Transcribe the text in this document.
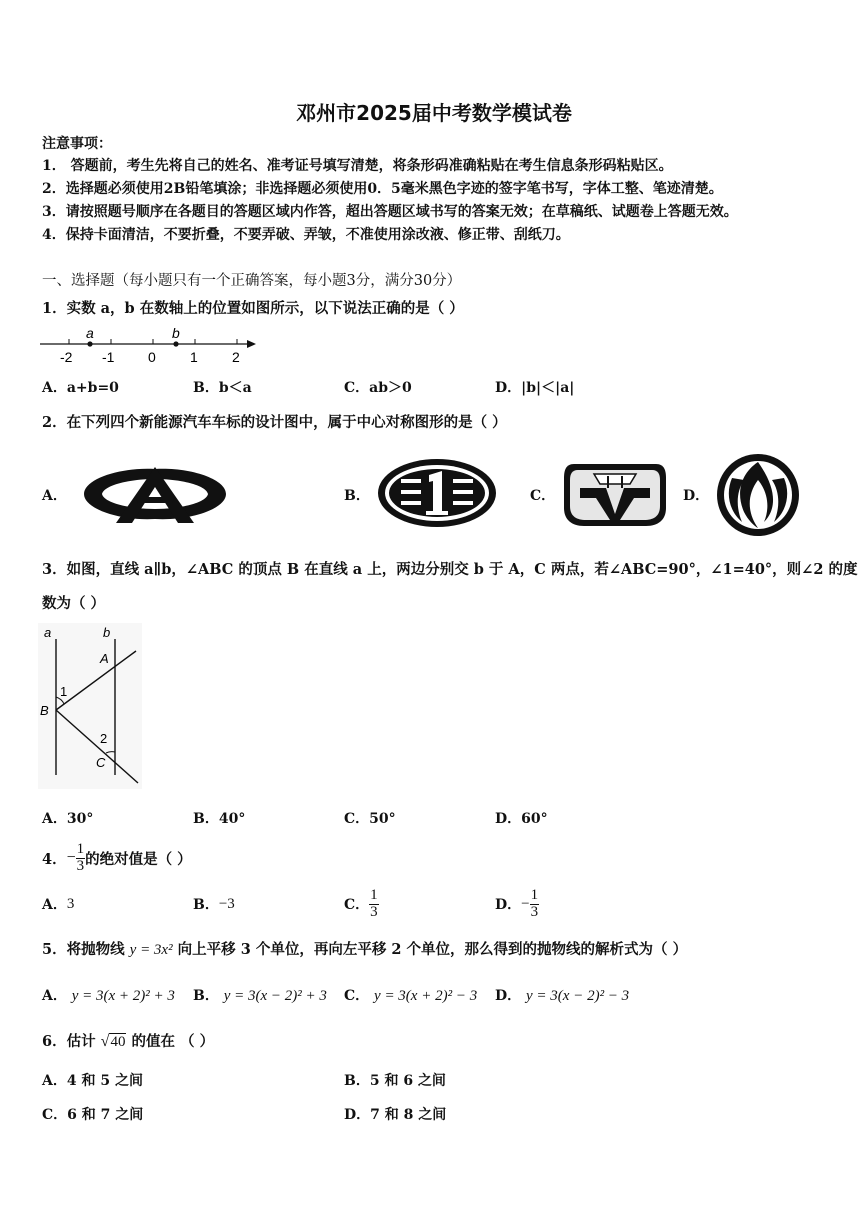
邓州市2025届中考数学模试卷
注意事项：
1． 答题前，考生先将自己的姓名、准考证号填写清楚，将条形码准确粘贴在考生信息条形码粘贴区。
2．选择题必须使用2B铅笔填涂；非选择题必须使用0．5毫米黑色字迹的签字笔书写，字体工整、笔迹清楚。
3．请按照题号顺序在各题目的答题区域内作答，超出答题区域书写的答案无效；在草稿纸、试题卷上答题无效。
4．保持卡面清洁，不要折叠，不要弄破、弄皱，不准使用涂改液、修正带、刮纸刀。
一、选择题（每小题只有一个正确答案，每小题3分，满分30分）
1．实数 a，b 在数轴上的位置如图所示，以下说法正确的是（ ）
a	b
-2 -1 0 1 2
A．a+b=0	B．b＜a	C．ab＞0	D．|b|＜|a|
2．在下列四个新能源汽车车标的设计图中，属于中心对称图形的是（ ）
A．	B．	C．	D．
3．如图，直线 a∥b，∠ABC 的顶点 B 在直线 a 上，两边分别交 b 于 A，C 两点，若∠ABC=90°，∠1=40°，则∠2 的度
数为（ ）
a	b
A
B
C
1
2
A．30°	B．40°	C．50°	D．60°
4． − $\frac{1}{3}$ 的绝对值是（ ）
A． 3	B． −3	C． $\frac{1}{3}$	D． − $\frac{1}{3}$
5．将抛物线 y = 3x² 向上平移 3 个单位，再向左平移 2 个单位，那么得到的抛物线的解析式为（ ）
A． y = 3(x + 2)² + 3 B． y = 3(x − 2)² + 3 C． y = 3(x + 2)² − 3 D． y = 3(x − 2)² − 3
6．估计 √40 的值在 （ ）
A．4 和 5 之间	B．5 和 6 之间
C．6 和 7 之间	D．7 和 8 之间
